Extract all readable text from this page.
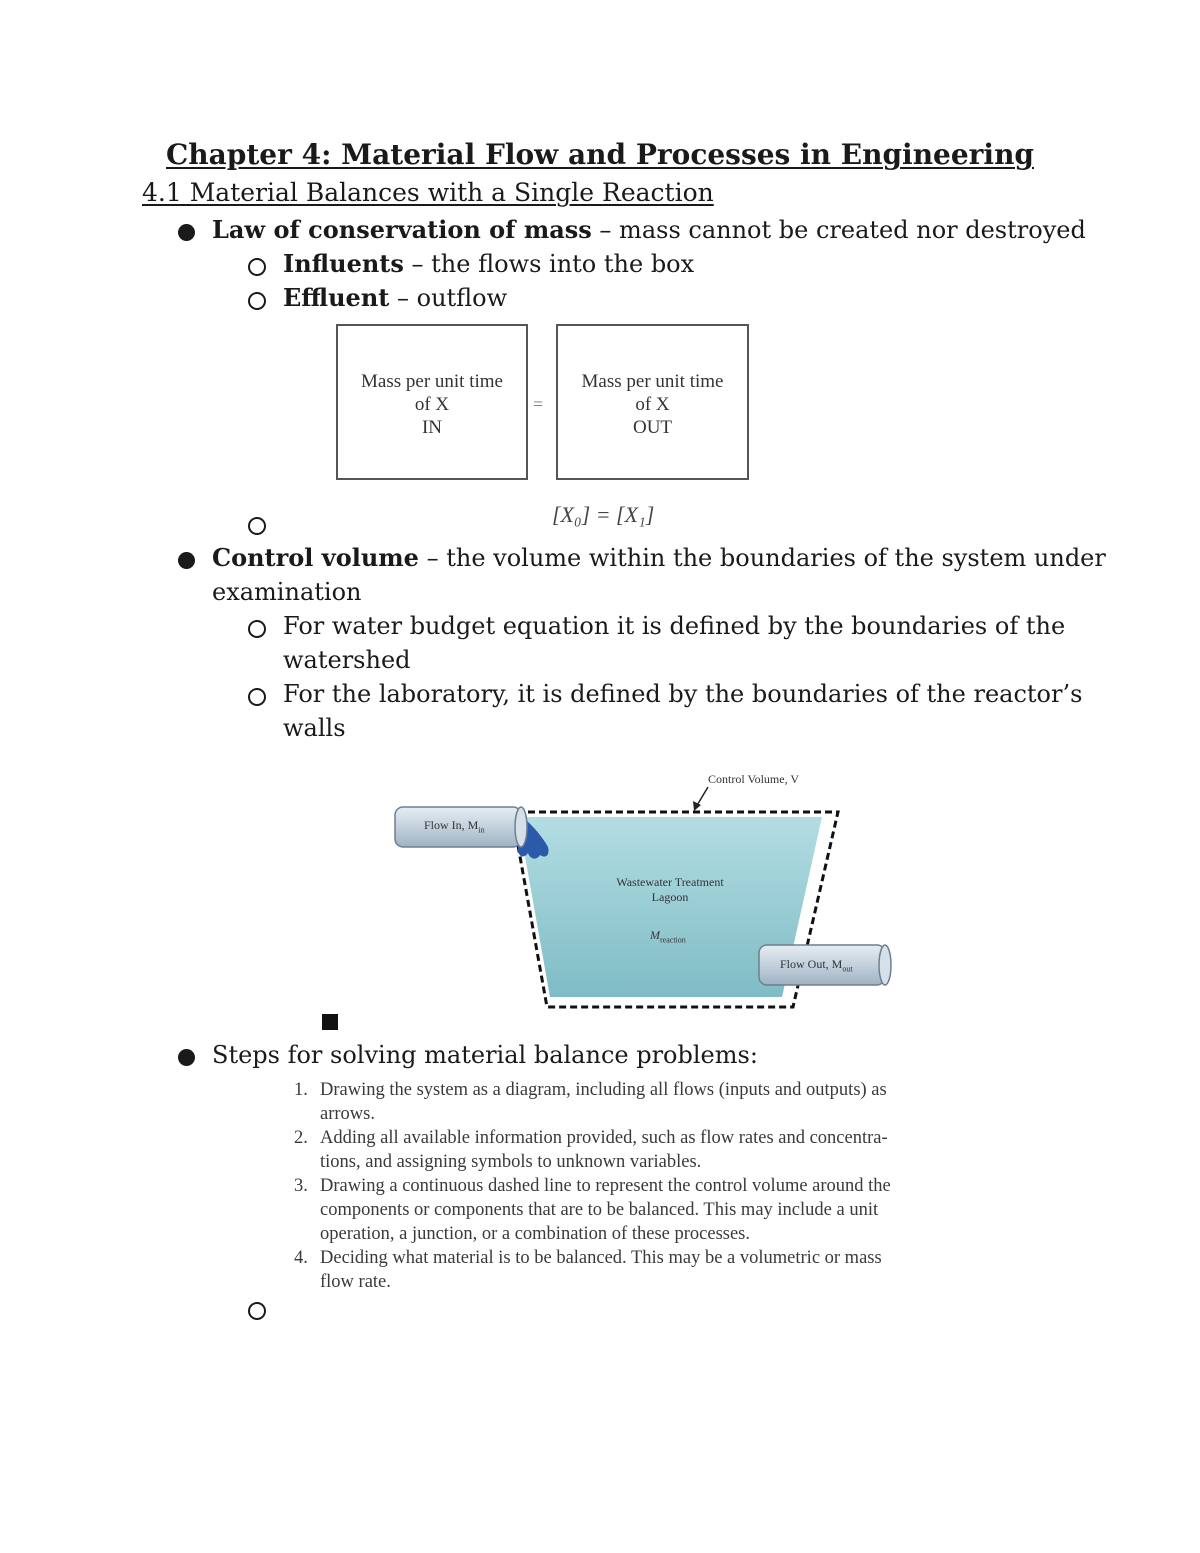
Chapter 4: Material Flow and Processes in Engineering
4.1 Material Balances with a Single Reaction
Law of conservation of mass – mass cannot be created nor destroyed
Influents – the flows into the box
Effluent – outflow
Mass per unit time
of X
IN
=
Mass per unit time
of X
OUT
[X₀] = [X₁]
Control volume – the volume within the boundaries of the system under
examination
For water budget equation it is defined by the boundaries of the
watershed
For the laboratory, it is defined by the boundaries of the reactor’s
walls
Control Volume, V
Flow In, $M_{in}$
Wastewater Treatment
Lagoon
$M_{reaction}$
Flow Out, $M_{out}$
Steps for solving material balance problems:
1. Drawing the system as a diagram, including all flows (inputs and outputs) as
arrows.
2. Adding all available information provided, such as flow rates and concentra-
tions, and assigning symbols to unknown variables.
3. Drawing a continuous dashed line to represent the control volume around the
components or components that are to be balanced. This may include a unit
operation, a junction, or a combination of these processes.
4. Deciding what material is to be balanced. This may be a volumetric or mass
flow rate.
